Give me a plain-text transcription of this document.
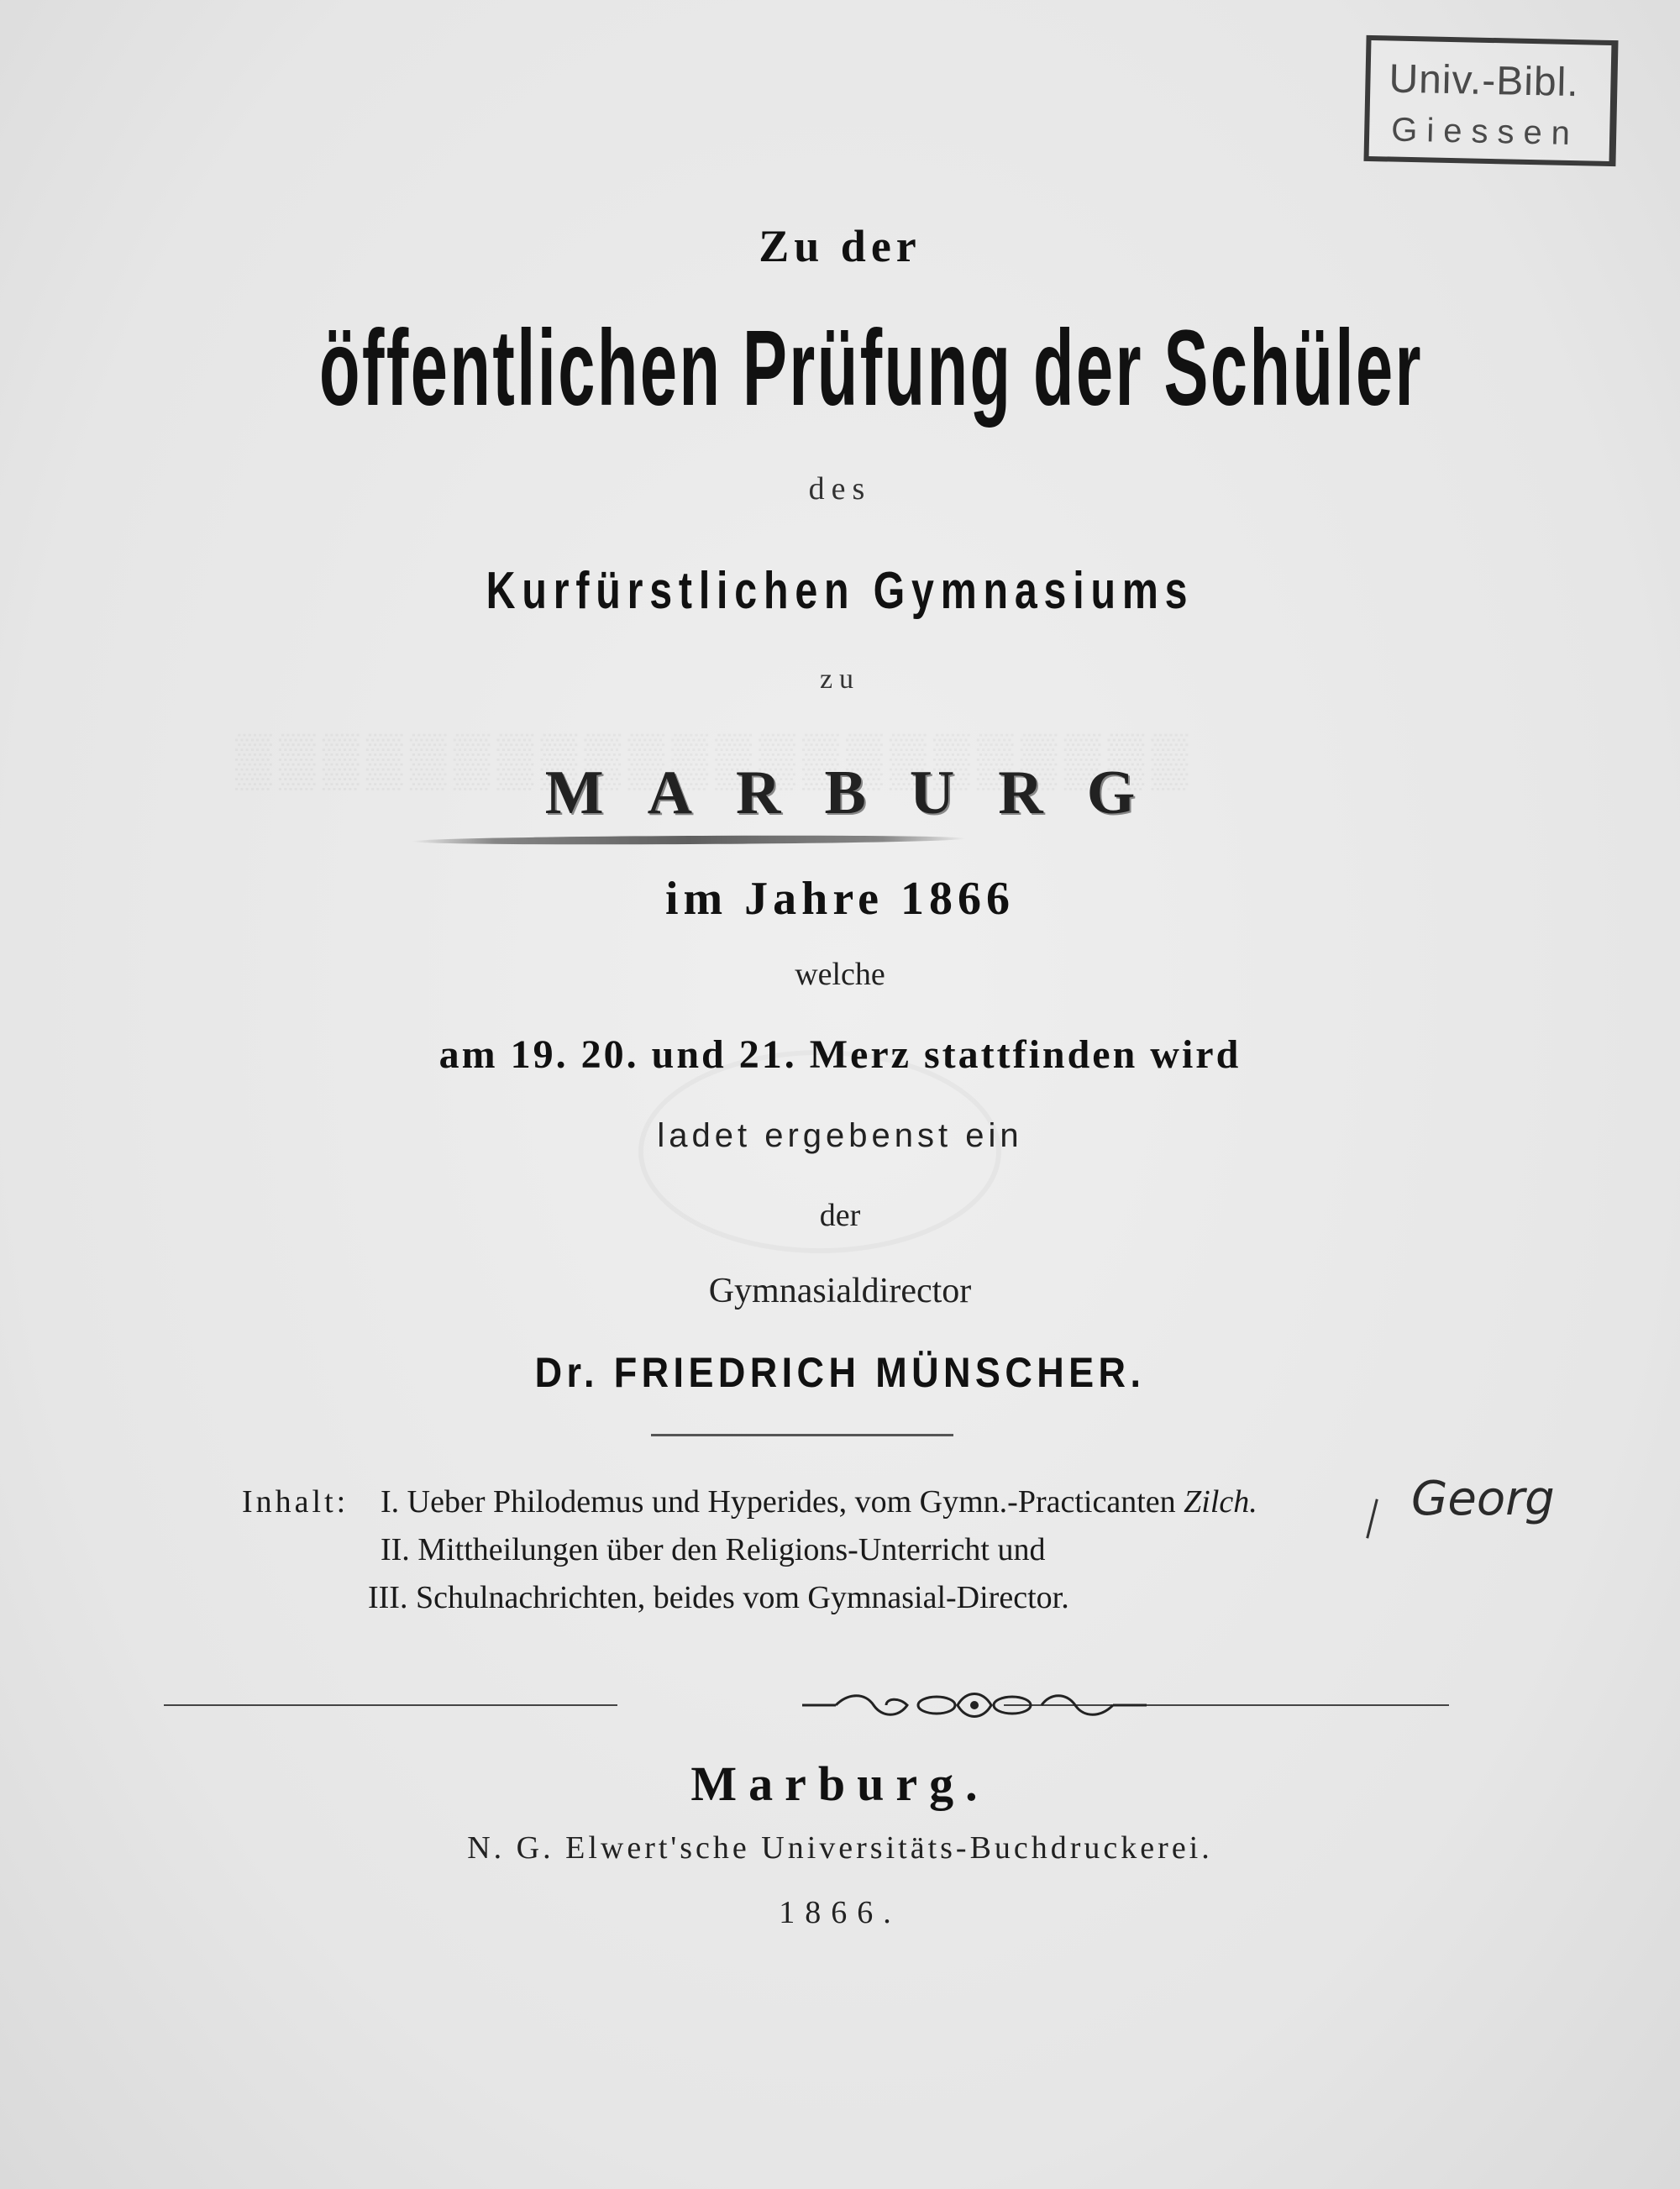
Univ.-Bibl.
Giessen
Zu der
öffentlichen Prüfung der Schüler
des
Kurfürstlichen Gymnasiums
zu
MARBURG
im Jahre 1866
welche
am 19. 20. und 21. Merz stattfinden wird
ladet ergebenst ein
der
Gymnasialdirector
Dr. FRIEDRICH MÜNSCHER.
Inhalt: I. Ueber Philodemus und Hyperides, vom Gymn.-Practicanten Zilch.
II. Mittheilungen über den Religions-Unterricht und
III. Schulnachrichten, beides vom Gymnasial-Director.
Georg
Marburg.
N. G. Elwert'sche Universitäts-Buchdruckerei.
1866.
